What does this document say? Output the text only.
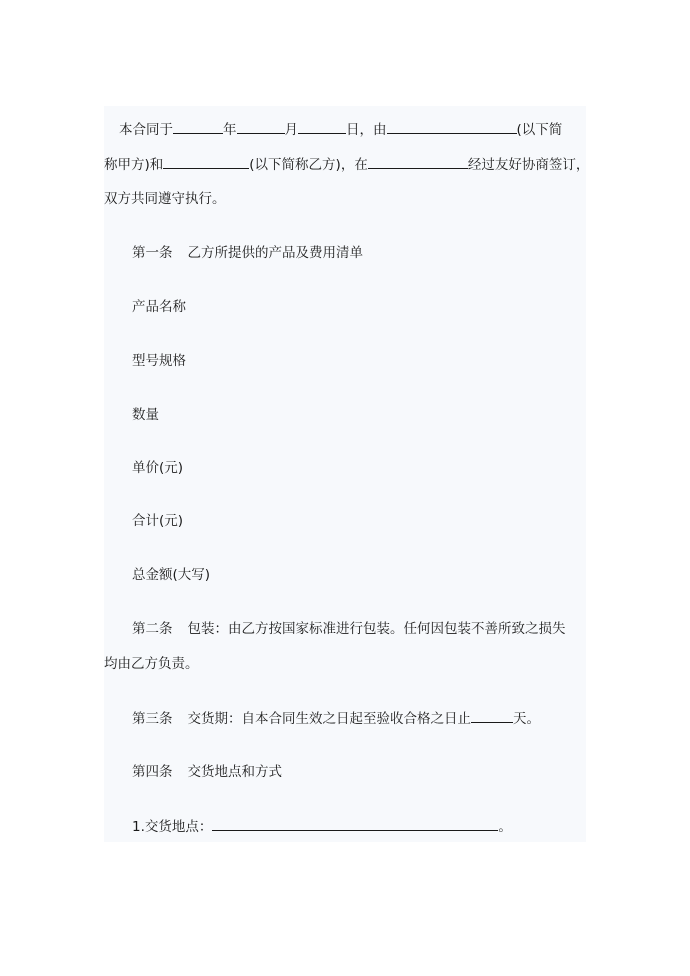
本合同于	年	月	日，由	(以下简
称甲方)和	(以下简称乙方)，在	经过友好协商签订，
双方共同遵守执行。
第一条 乙方所提供的产品及费用清单
产品名称
型号规格
数量
单价(元)
合计(元)
总金额(大写)
第二条 包装：由乙方按国家标准进行包装。任何因包装不善所致之损失
均由乙方负责。
第三条 交货期：自本合同生效之日起至验收合格之日止	天。
第四条 交货地点和方式
1.交货地点：	。
